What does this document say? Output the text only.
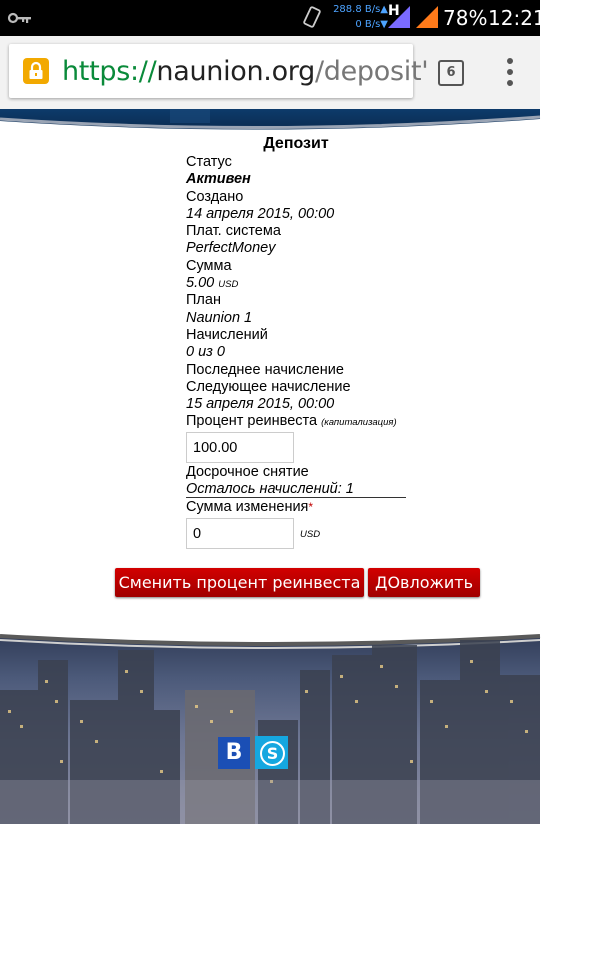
288.8 B/s▲
0 B/s▼
H 78% 12:21
https://naunion.org/deposit'	6
Депозит
Статус
Активен
Создано
14 апреля 2015, 00:00
Плат. система
PerfectMoney
Сумма
5.00 USD
План
Naunion 1
Начислений
0 из 0
Последнее начисление
Следующее начисление
15 апреля 2015, 00:00
Процент реинвеста (капитализация)
100.00
Досрочное снятие
Осталось начислений: 1
Сумма изменения*
0	USD
Сменить процент реинвеста ДОвложить
В	S
